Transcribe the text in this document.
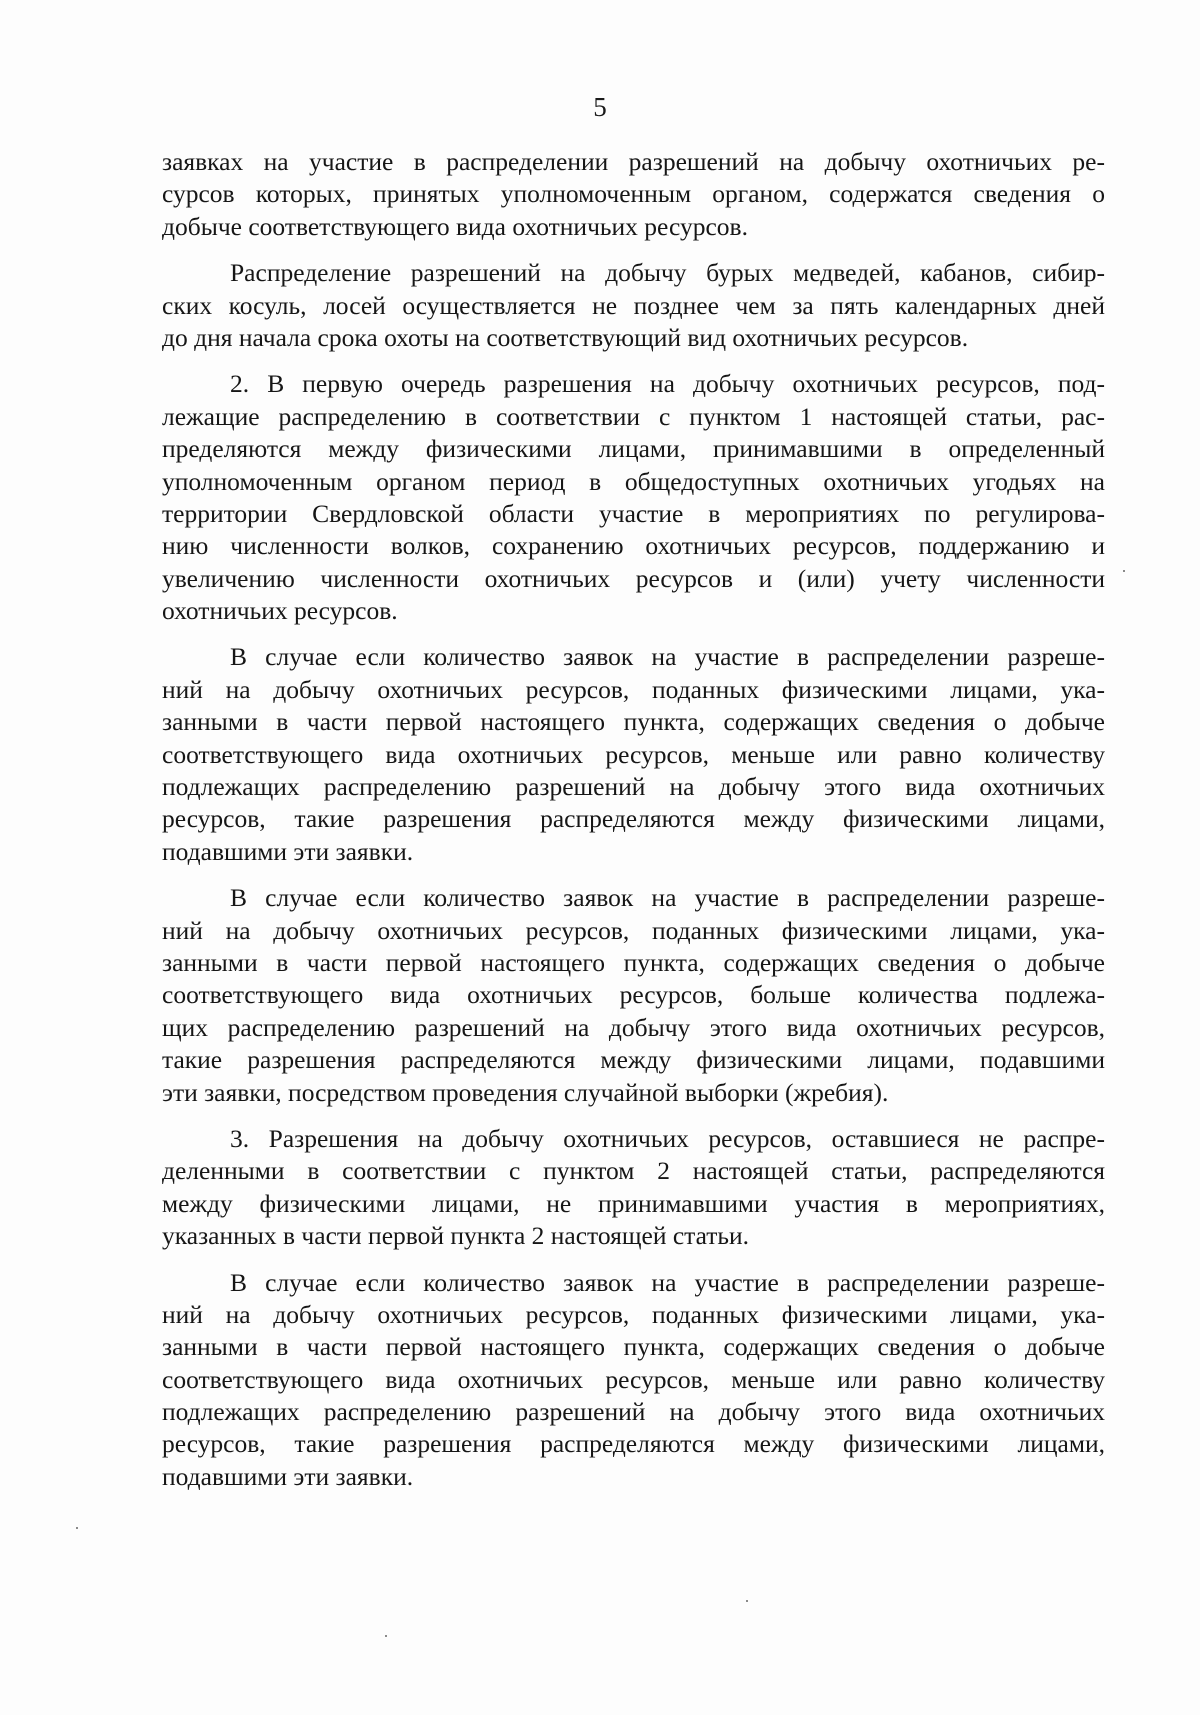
5
заявках на участие в распределении разрешений на добычу охотничьих ре-
сурсов которых, принятых уполномоченным органом, содержатся сведения о
добыче соответствующего вида охотничьих ресурсов.
Распределение разрешений на добычу бурых медведей, кабанов, сибир-
ских косуль, лосей осуществляется не позднее чем за пять календарных дней
до дня начала срока охоты на соответствующий вид охотничьих ресурсов.
2. В первую очередь разрешения на добычу охотничьих ресурсов, под-
лежащие распределению в соответствии с пунктом 1 настоящей статьи, рас-
пределяются между физическими лицами, принимавшими в определенный
уполномоченным органом период в общедоступных охотничьих угодьях на
территории Свердловской области участие в мероприятиях по регулирова-
нию численности волков, сохранению охотничьих ресурсов, поддержанию и
увеличению численности охотничьих ресурсов и (или) учету численности
охотничьих ресурсов.
В случае если количество заявок на участие в распределении разреше-
ний на добычу охотничьих ресурсов, поданных физическими лицами, ука-
занными в части первой настоящего пункта, содержащих сведения о добыче
соответствующего вида охотничьих ресурсов, меньше или равно количеству
подлежащих распределению разрешений на добычу этого вида охотничьих
ресурсов, такие разрешения распределяются между физическими лицами,
подавшими эти заявки.
В случае если количество заявок на участие в распределении разреше-
ний на добычу охотничьих ресурсов, поданных физическими лицами, ука-
занными в части первой настоящего пункта, содержащих сведения о добыче
соответствующего вида охотничьих ресурсов, больше количества подлежа-
щих распределению разрешений на добычу этого вида охотничьих ресурсов,
такие разрешения распределяются между физическими лицами, подавшими
эти заявки, посредством проведения случайной выборки (жребия).
3. Разрешения на добычу охотничьих ресурсов, оставшиеся не распре-
деленными в соответствии с пунктом 2 настоящей статьи, распределяются
между физическими лицами, не принимавшими участия в мероприятиях,
указанных в части первой пункта 2 настоящей статьи.
В случае если количество заявок на участие в распределении разреше-
ний на добычу охотничьих ресурсов, поданных физическими лицами, ука-
занными в части первой настоящего пункта, содержащих сведения о добыче
соответствующего вида охотничьих ресурсов, меньше или равно количеству
подлежащих распределению разрешений на добычу этого вида охотничьих
ресурсов, такие разрешения распределяются между физическими лицами,
подавшими эти заявки.
